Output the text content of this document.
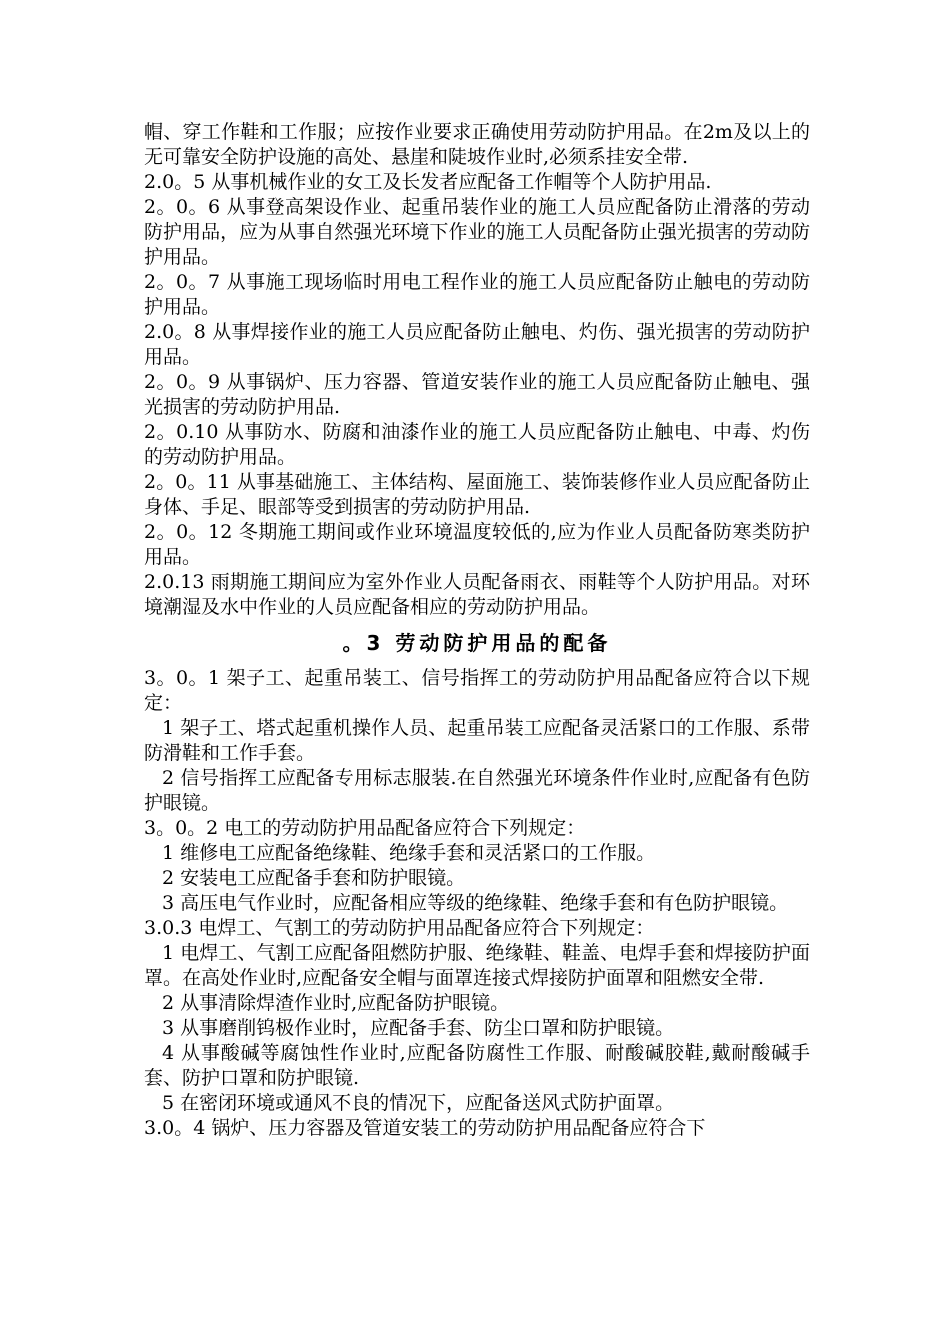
帽、穿工作鞋和工作服；应按作业要求正确使用劳动防护用品。在2m及以上的无可靠安全防护设施的高处、悬崖和陡坡作业时,必须系挂安全带.

2.0。5 从事机械作业的女工及长发者应配备工作帽等个人防护用品.

2。0。6 从事登高架设作业、起重吊装作业的施工人员应配备防止滑落的劳动防护用品，应为从事自然强光环境下作业的施工人员配备防止强光损害的劳动防护用品。

2。0。7 从事施工现场临时用电工程作业的施工人员应配备防止触电的劳动防护用品。

2.0。8 从事焊接作业的施工人员应配备防止触电、灼伤、强光损害的劳动防护用品。

2。0。9 从事锅炉、压力容器、管道安装作业的施工人员应配备防止触电、强光损害的劳动防护用品.

2。0.10 从事防水、防腐和油漆作业的施工人员应配备防止触电、中毒、灼伤的劳动防护用品。

2。0。11 从事基础施工、主体结构、屋面施工、装饰装修作业人员应配备防止身体、手足、眼部等受到损害的劳动防护用品.

2。0。12 冬期施工期间或作业环境温度较低的,应为作业人员配备防寒类防护用品。

2.0.13 雨期施工期间应为室外作业人员配备雨衣、雨鞋等个人防护用品。对环境潮湿及水中作业的人员应配备相应的劳动防护用品。

。3 劳动防护用品的配备

3。0。1 架子工、起重吊装工、信号指挥工的劳动防护用品配备应符合以下规定：

1 架子工、塔式起重机操作人员、起重吊装工应配备灵活紧口的工作服、系带防滑鞋和工作手套。

2 信号指挥工应配备专用标志服装.在自然强光环境条件作业时,应配备有色防护眼镜。

3。0。2 电工的劳动防护用品配备应符合下列规定：

1 维修电工应配备绝缘鞋、绝缘手套和灵活紧口的工作服。

2 安装电工应配备手套和防护眼镜。

3 高压电气作业时，应配备相应等级的绝缘鞋、绝缘手套和有色防护眼镜。

3.0.3 电焊工、气割工的劳动防护用品配备应符合下列规定：

1 电焊工、气割工应配备阻燃防护服、绝缘鞋、鞋盖、电焊手套和焊接防护面罩。在高处作业时,应配备安全帽与面罩连接式焊接防护面罩和阻燃安全带.

2 从事清除焊渣作业时,应配备防护眼镜。

3 从事磨削钨极作业时，应配备手套、防尘口罩和防护眼镜。

4 从事酸碱等腐蚀性作业时,应配备防腐性工作服、耐酸碱胶鞋,戴耐酸碱手套、防护口罩和防护眼镜.

5 在密闭环境或通风不良的情况下，应配备送风式防护面罩。

3.0。4 锅炉、压力容器及管道安装工的劳动防护用品配备应符合下
